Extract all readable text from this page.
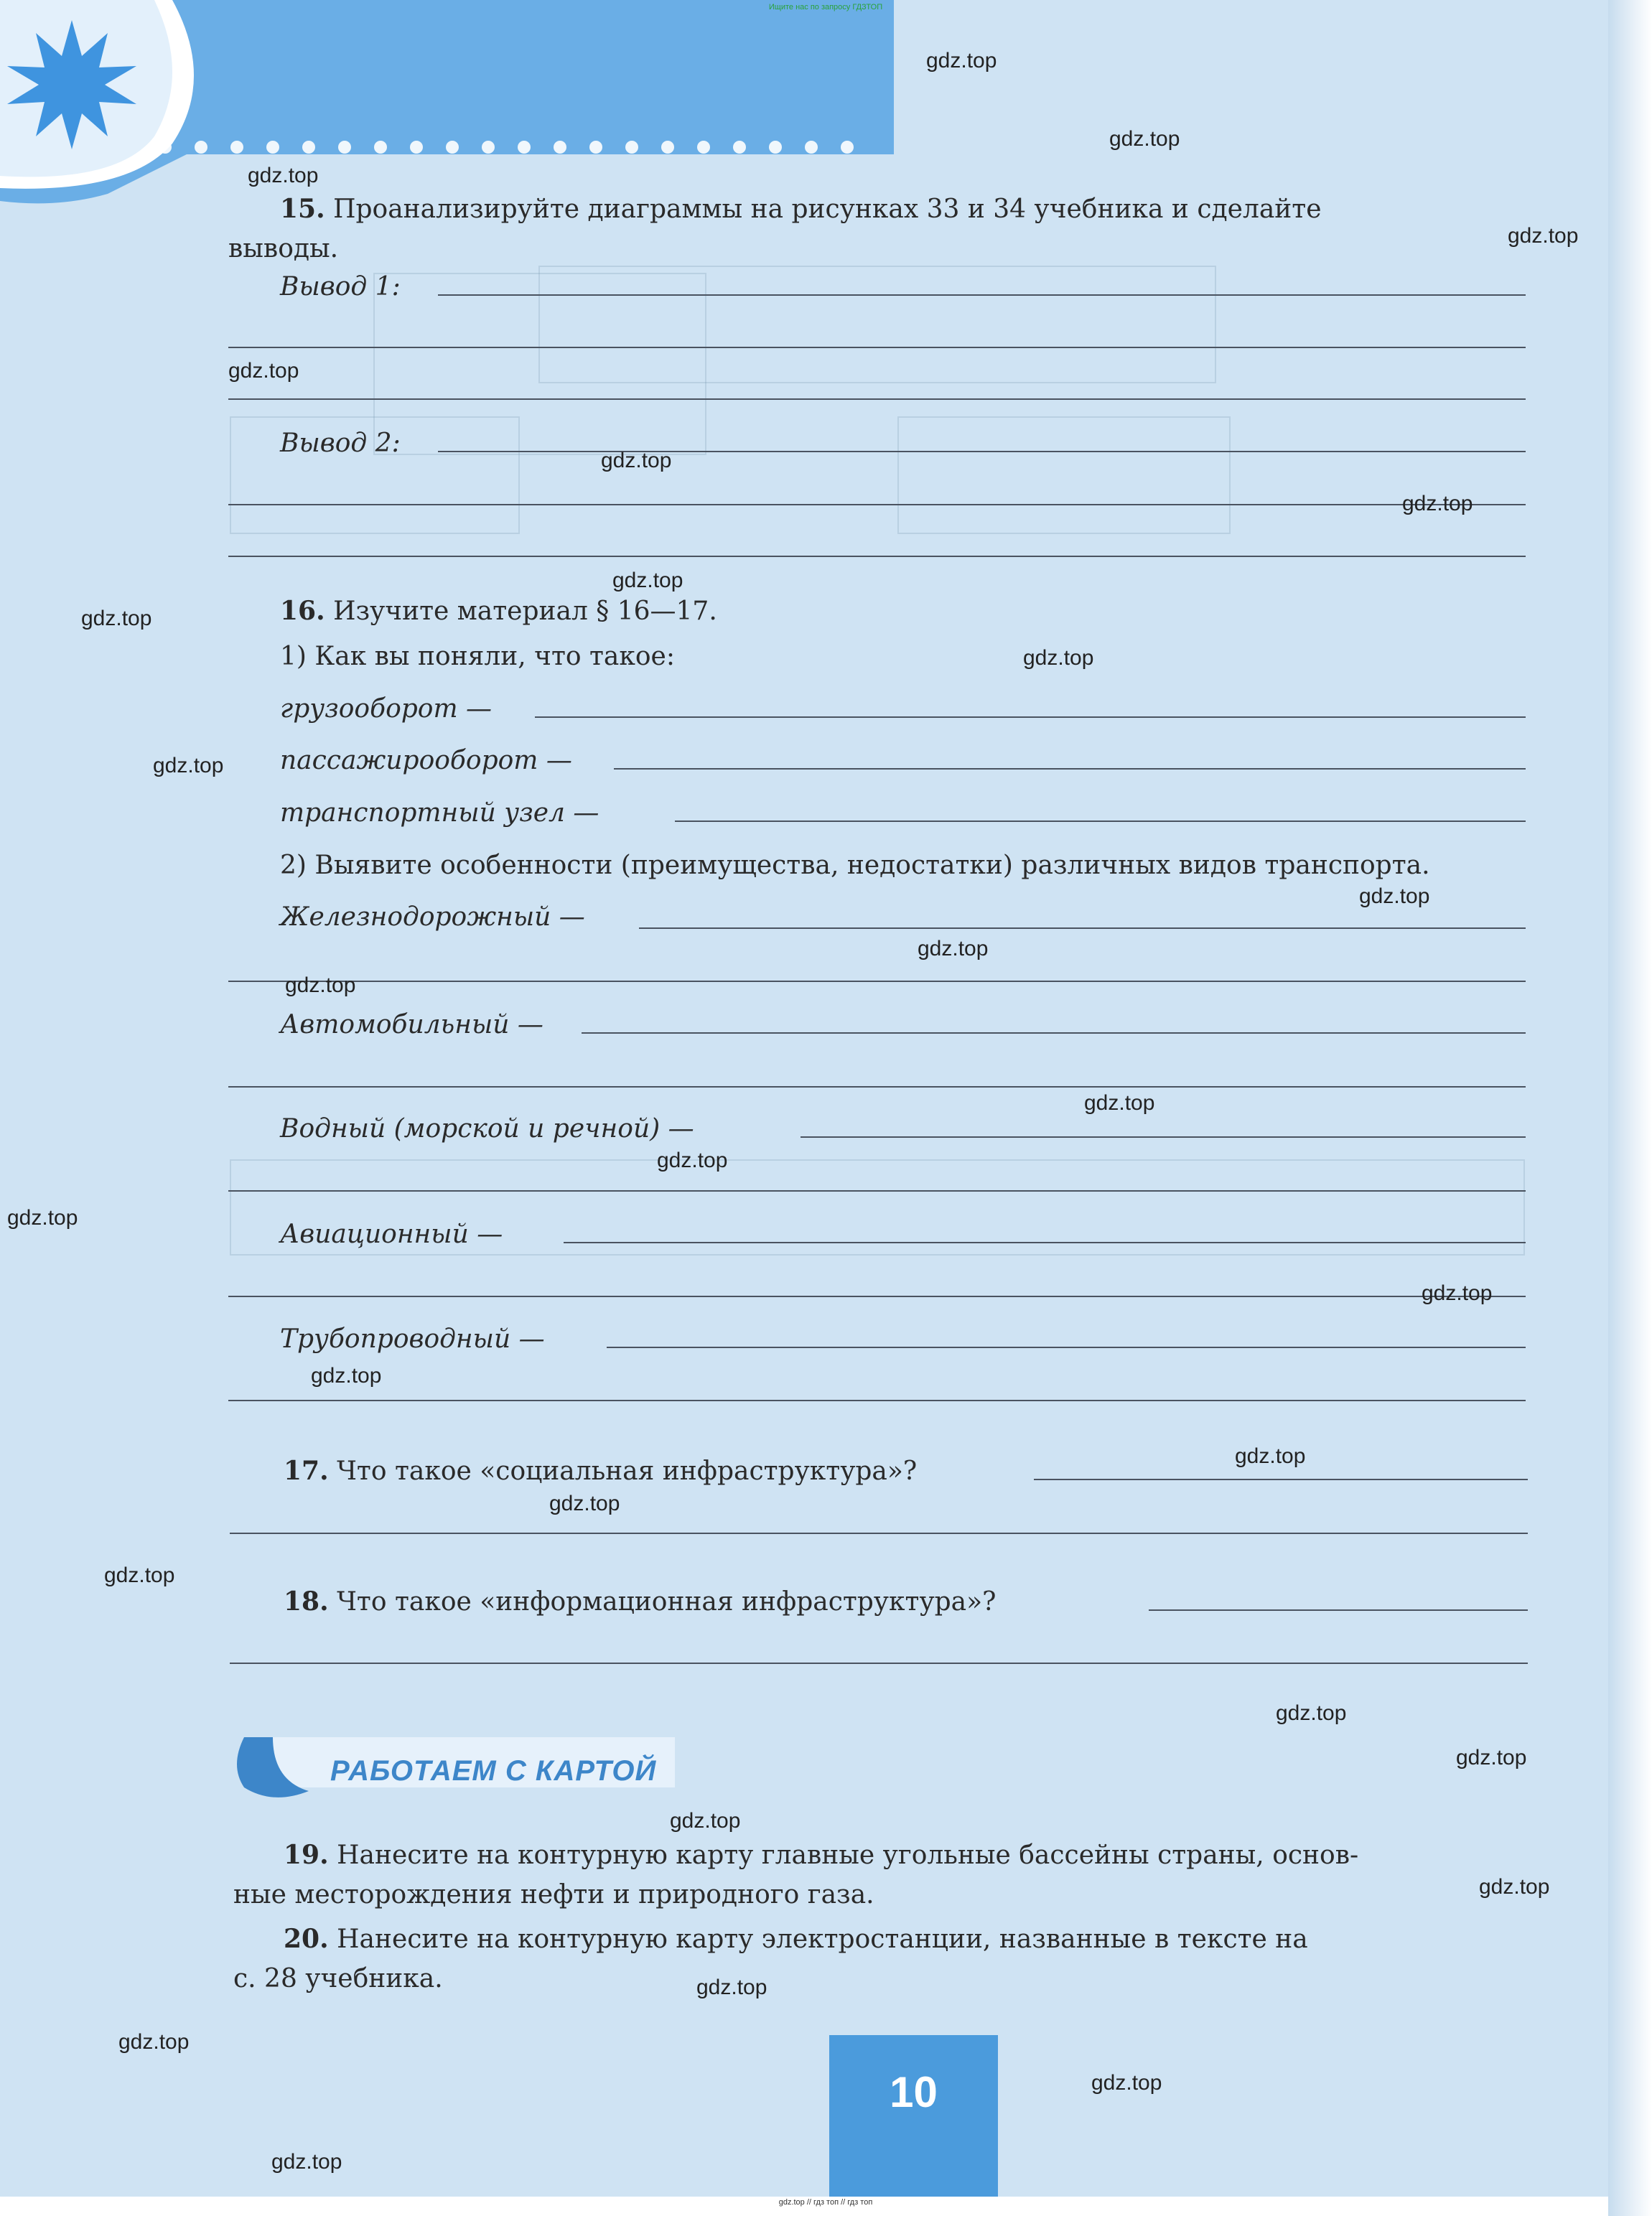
Ищите нас по запросу ГДЗТОП
15. Проанализируйте диаграммы на рисунках 33 и 34 учебника и сделайте
выводы.
Вывод 1:
Вывод 2:
16. Изучите материал § 16—17.
1) Как вы поняли, что такое:
грузооборот —
пассажирооборот —
транспортный узел —
2) Выявите особенности (преимущества, недостатки) различных видов транспорта.
Железнодорожный —
Автомобильный —
Водный (морской и речной) —
Авиационный —
Трубопроводный —
17. Что такое «социальная инфраструктура»?
18. Что такое «информационная инфраструктура»?
РАБОТАЕМ С КАРТОЙ
19. Нанесите на контурную карту главные угольные бассейны страны, основ-
ные месторождения нефти и природного газа.
20. Нанесите на контурную карту электростанции, названные в тексте на
с. 28 учебника.
10
gdz.top
gdz.top
gdz.top
gdz.top
gdz.top
gdz.top
gdz.top
gdz.top
gdz.top
gdz.top
gdz.top
gdz.top
gdz.top
gdz.top
gdz.top
gdz.top
gdz.top
gdz.top
gdz.top
gdz.top
gdz.top
gdz.top
gdz.top
gdz.top
gdz.top
gdz.top
gdz.top
gdz.top
gdz.top
gdz.top
gdz.top // гдз топ // гдз топ
